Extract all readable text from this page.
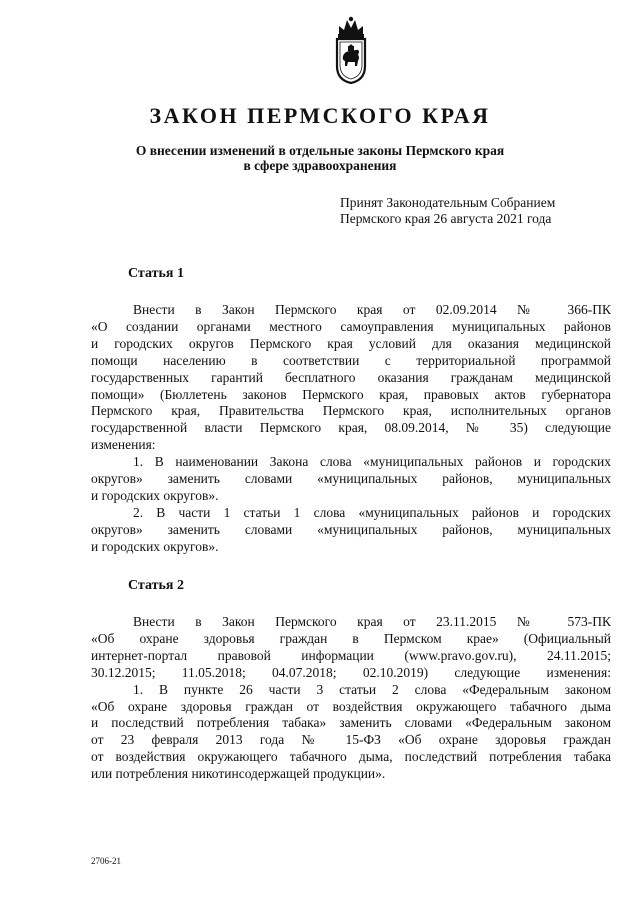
ЗАКОН ПЕРМСКОГО КРАЯ
О внесении изменений в отдельные законы Пермского края
в сфере здравоохранения
Принят Законодательным Собранием
Пермского края 26 августа 2021 года
Статья 1
Внести в Закон Пермского края от 02.09.2014 № 366-ПК
«О создании органами местного самоуправления муниципальных районов
и городских округов Пермского края условий для оказания медицинской
помощи населению в соответствии с территориальной программой
государственных гарантий бесплатного оказания гражданам медицинской
помощи» (Бюллетень законов Пермского края, правовых актов губернатора
Пермского края, Правительства Пермского края, исполнительных органов
государственной власти Пермского края, 08.09.2014, № 35) следующие
изменения:
1. В наименовании Закона слова «муниципальных районов и городских
округов» заменить словами «муниципальных районов, муниципальных
и городских округов».
2. В части 1 статьи 1 слова «муниципальных районов и городских
округов» заменить словами «муниципальных районов, муниципальных
и городских округов».
Статья 2
Внести в Закон Пермского края от 23.11.2015 № 573-ПК
«Об охране здоровья граждан в Пермском крае» (Официальный
интернет-портал правовой информации (www.pravo.gov.ru), 24.11.2015;
30.12.2015; 11.05.2018; 04.07.2018; 02.10.2019) следующие изменения:
1. В пункте 26 части 3 статьи 2 слова «Федеральным законом
«Об охране здоровья граждан от воздействия окружающего табачного дыма
и последствий потребления табака» заменить словами «Федеральным законом
от 23 февраля 2013 года № 15-ФЗ «Об охране здоровья граждан
от воздействия окружающего табачного дыма, последствий потребления табака
или потребления никотинсодержащей продукции».
2706-21
